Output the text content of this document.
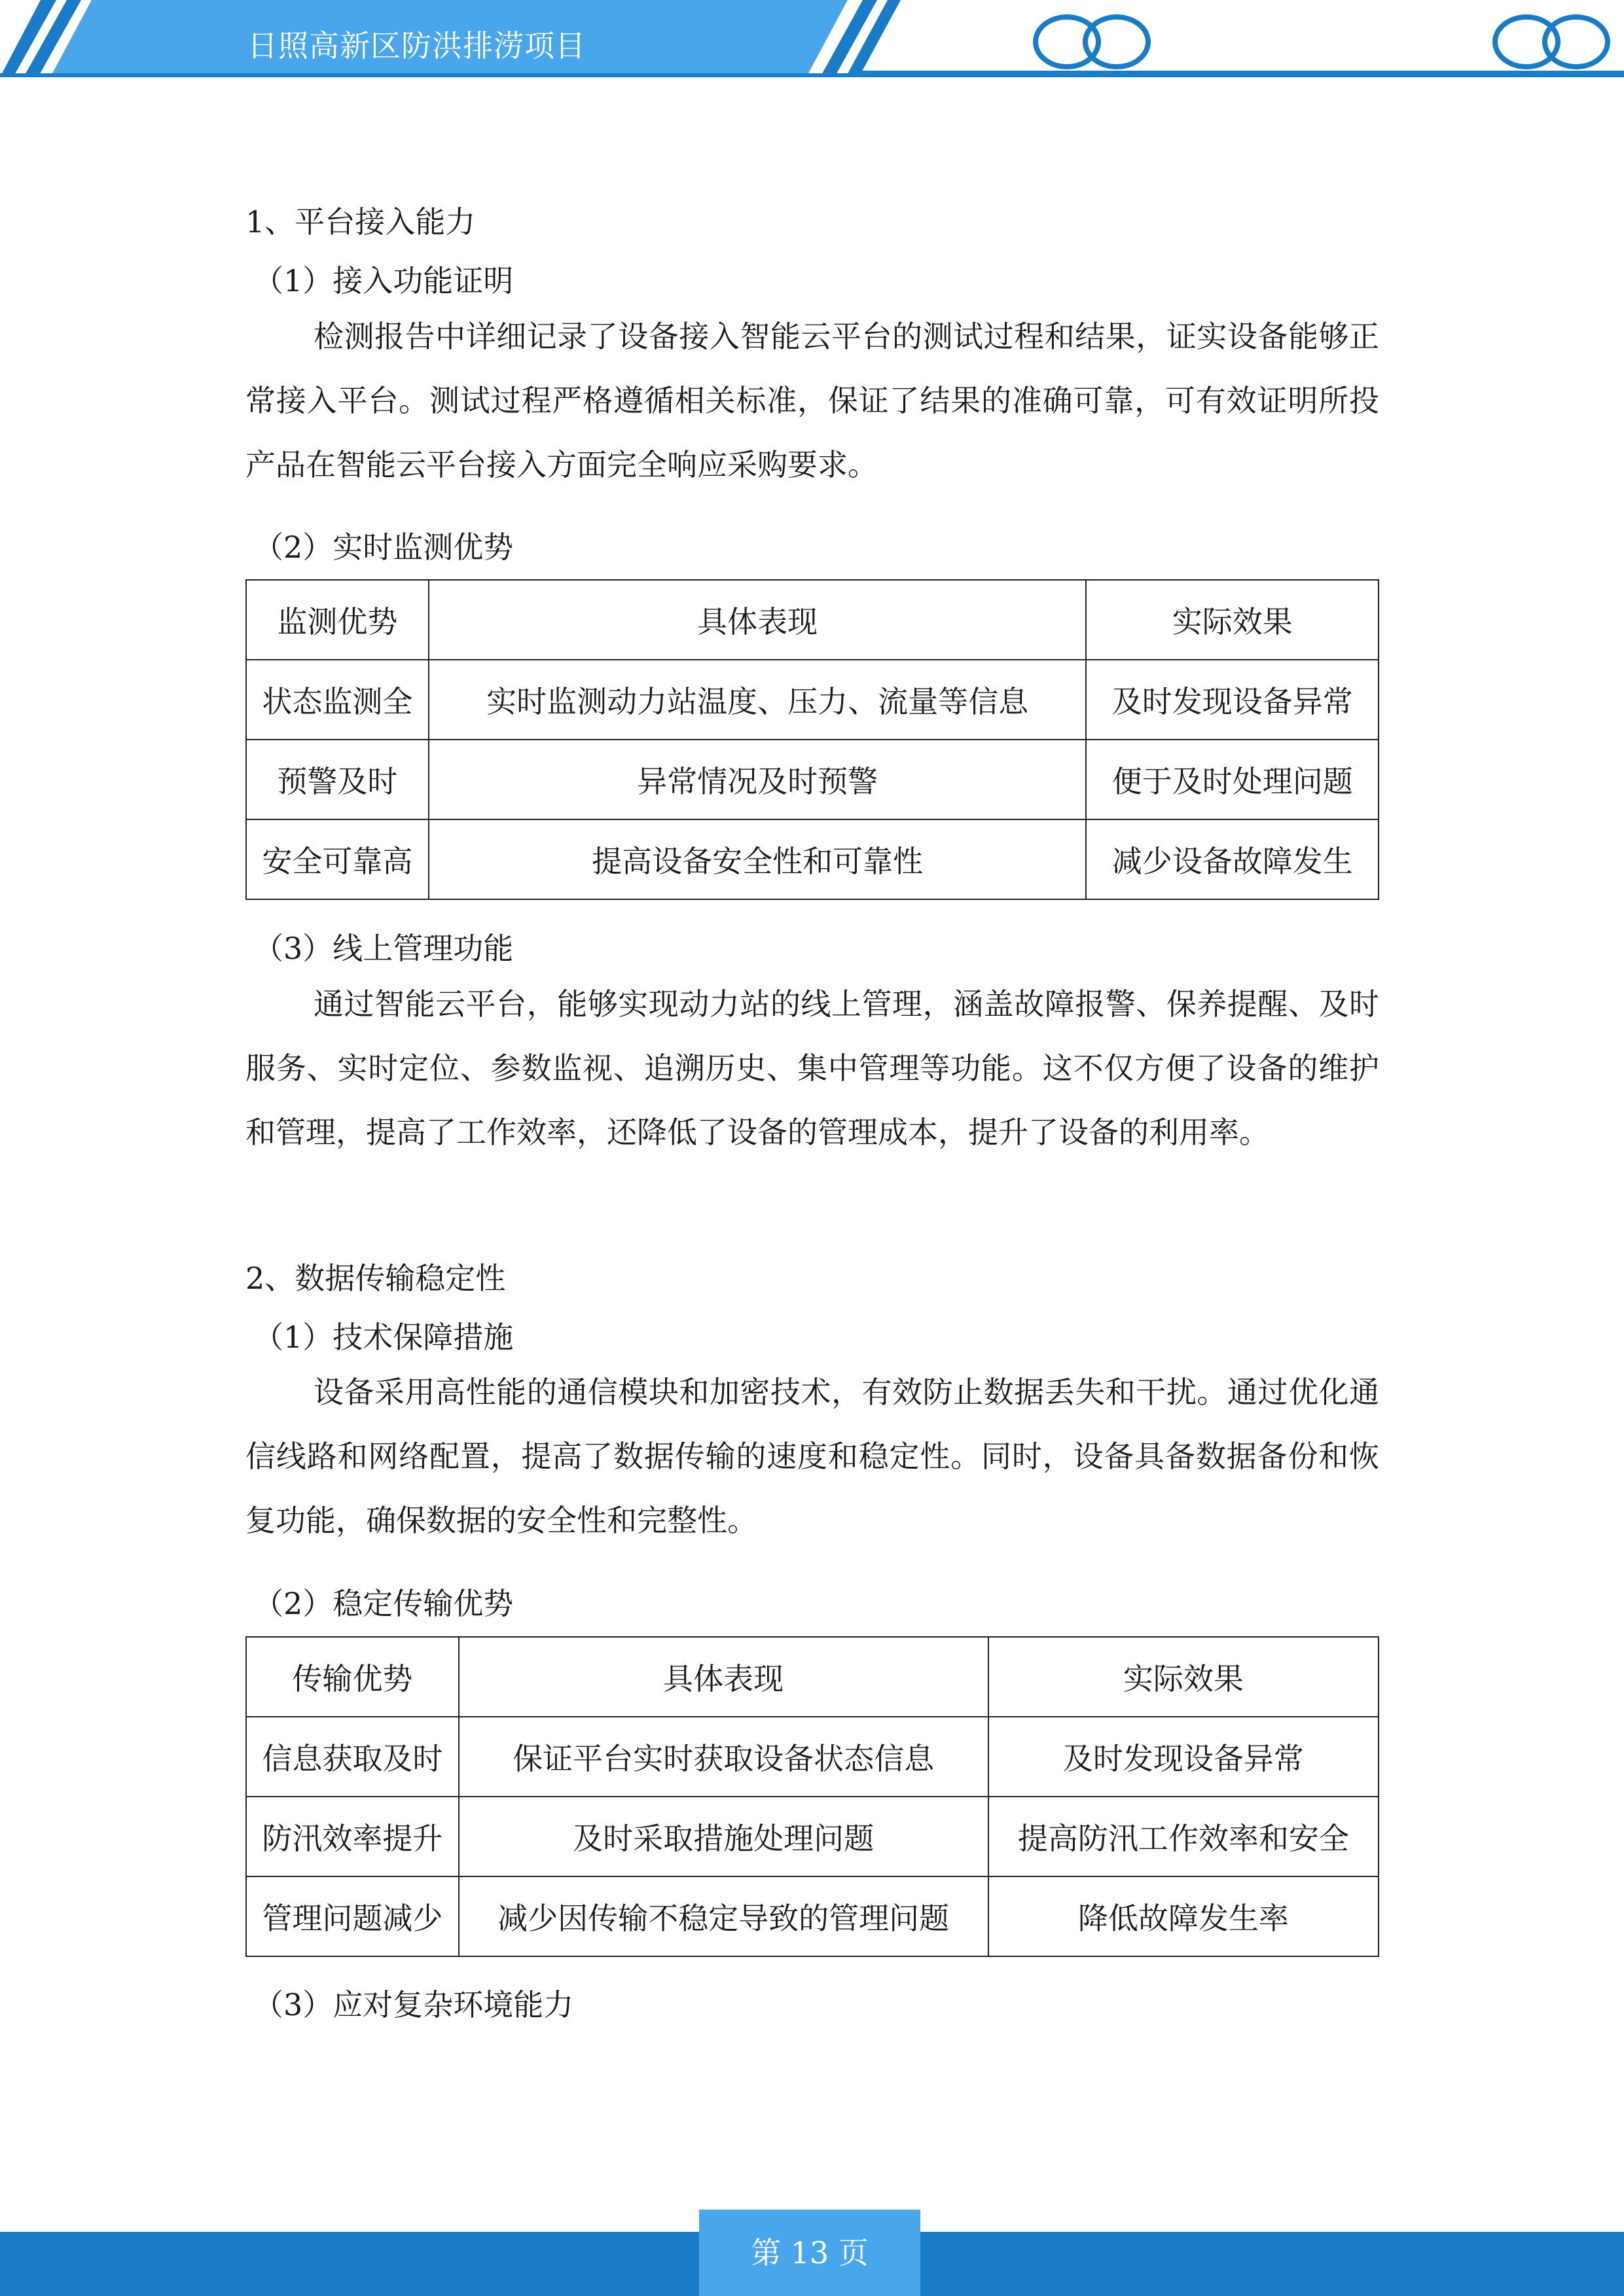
日照高新区防洪排涝项目
1、平台接入能力
（1）接入功能证明

检测报告中详细记录了设备接入智能云平台的测试过程和结果，证实设备能够正常接入平台。测试过程严格遵循相关标准，保证了结果的准确可靠，可有效证明所投产品在智能云平台接入方面完全响应采购要求。

（2）实时监测优势
监测优势	具体表现	实际效果
状态监测全	实时监测动力站温度、压力、流量等信息	及时发现设备异常
预警及时	异常情况及时预警	便于及时处理问题
安全可靠高	提高设备安全性和可靠性	减少设备故障发生
（3）线上管理功能

通过智能云平台，能够实现动力站的线上管理，涵盖故障报警、保养提醒、及时服务、实时定位、参数监视、追溯历史、集中管理等功能。这不仅方便了设备的维护和管理，提高了工作效率，还降低了设备的管理成本，提升了设备的利用率。

2、数据传输稳定性
（1）技术保障措施

设备采用高性能的通信模块和加密技术，有效防止数据丢失和干扰。通过优化通信线路和网络配置，提高了数据传输的速度和稳定性。同时，设备具备数据备份和恢复功能，确保数据的安全性和完整性。

（2）稳定传输优势
传输优势	具体表现	实际效果
信息获取及时	保证平台实时获取设备状态信息	及时发现设备异常
防汛效率提升	及时采取措施处理问题	提高防汛工作效率和安全
管理问题减少	减少因传输不稳定导致的管理问题	降低故障发生率
（3）应对复杂环境能力
第 13 页
